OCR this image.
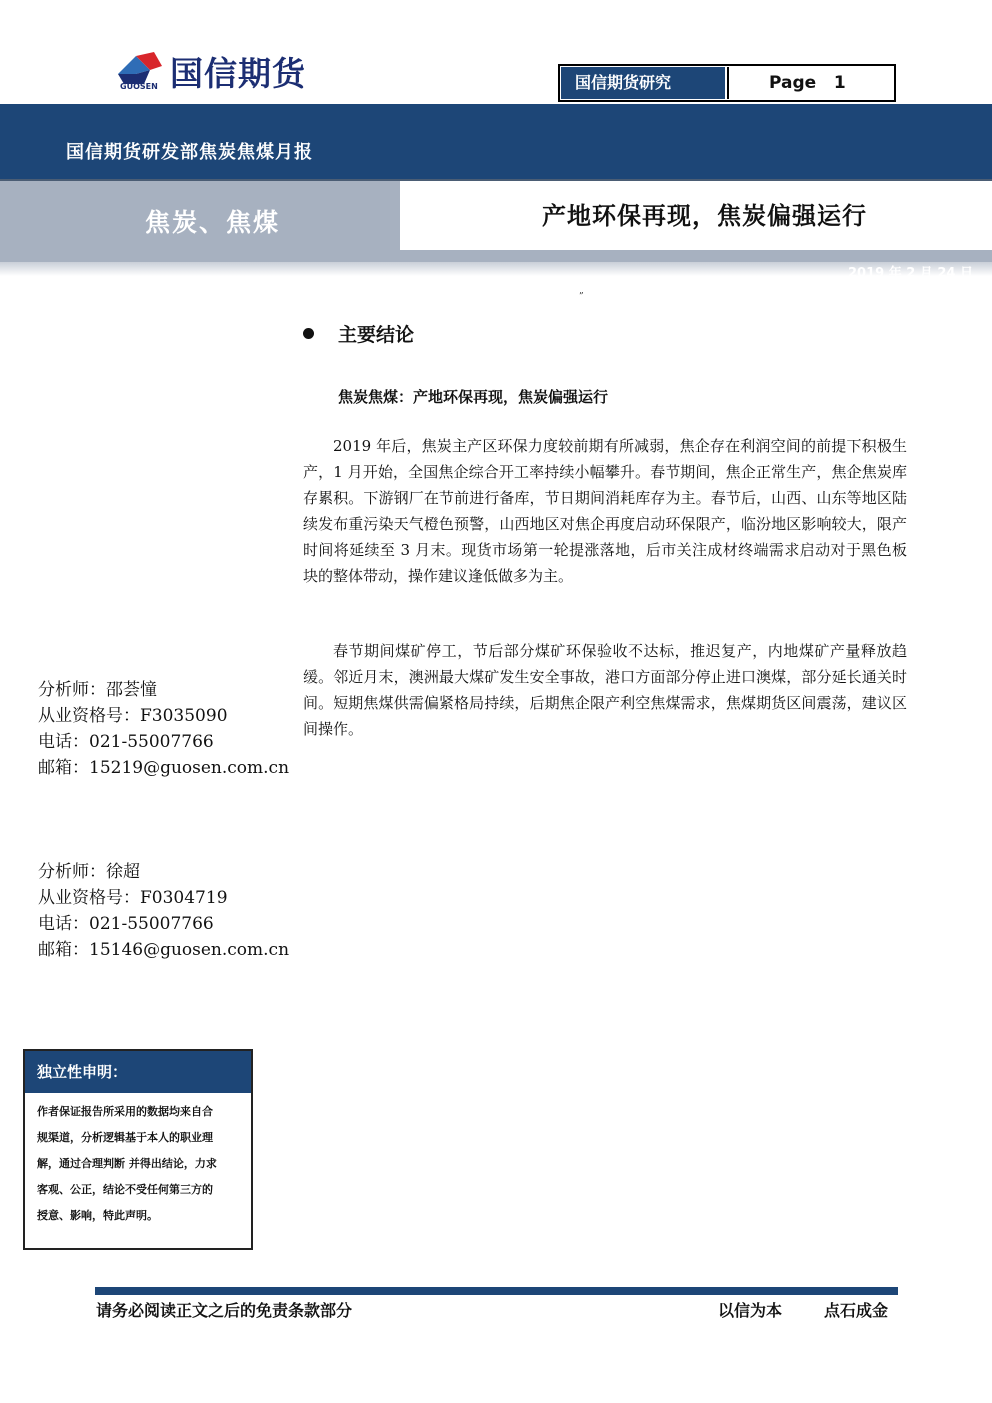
国信期货
GUOSEN	国信期货研究	Page   1
国信期货研发部焦炭焦煤月报
焦炭、焦煤	产地环保再现，焦炭偏强运行
2019 年 2 月 24 日
”
主要结论
焦炭焦煤：产地环保再现，焦炭偏强运行

2019 年后，焦炭主产区环保力度较前期有所减弱，焦企存在利润空间的前提下积极生产，1 月开始，全国焦企综合开工率持续小幅攀升。春节期间，焦企正常生产，焦企焦炭库存累积。下游钢厂在节前进行备库，节日期间消耗库存为主。春节后，山西、山东等地区陆续发布重污染天气橙色预警，山西地区对焦企再度启动环保限产，临汾地区影响较大，限产时间将延续至 3 月末。现货市场第一轮提涨落地，后市关注成材终端需求启动对于黑色板块的整体带动，操作建议逢低做多为主。

春节期间煤矿停工，节后部分煤矿环保验收不达标，推迟复产，内地煤矿产量释放趋缓。邻近月末，澳洲最大煤矿发生安全事故，港口方面部分停止进口澳煤，部分延长通关时间。短期焦煤供需偏紧格局持续，后期焦企限产利空焦煤需求，焦煤期货区间震荡，建议区间操作。

分析师：邵荟憧
从业资格号：F3035090
电话：021-55007766
邮箱：15219@guosen.com.cn
分析师：徐超
从业资格号：F0304719
电话：021-55007766
邮箱：15146@guosen.com.cn
独立性申明：
作者保证报告所采用的数据均来自合
规渠道，分析逻辑基于本人的职业理
解，通过合理判断 并得出结论，力求
客观、公正，结论不受任何第三方的
授意、影响，特此声明。
请务必阅读正文之后的免责条款部分	以信为本	点石成金
